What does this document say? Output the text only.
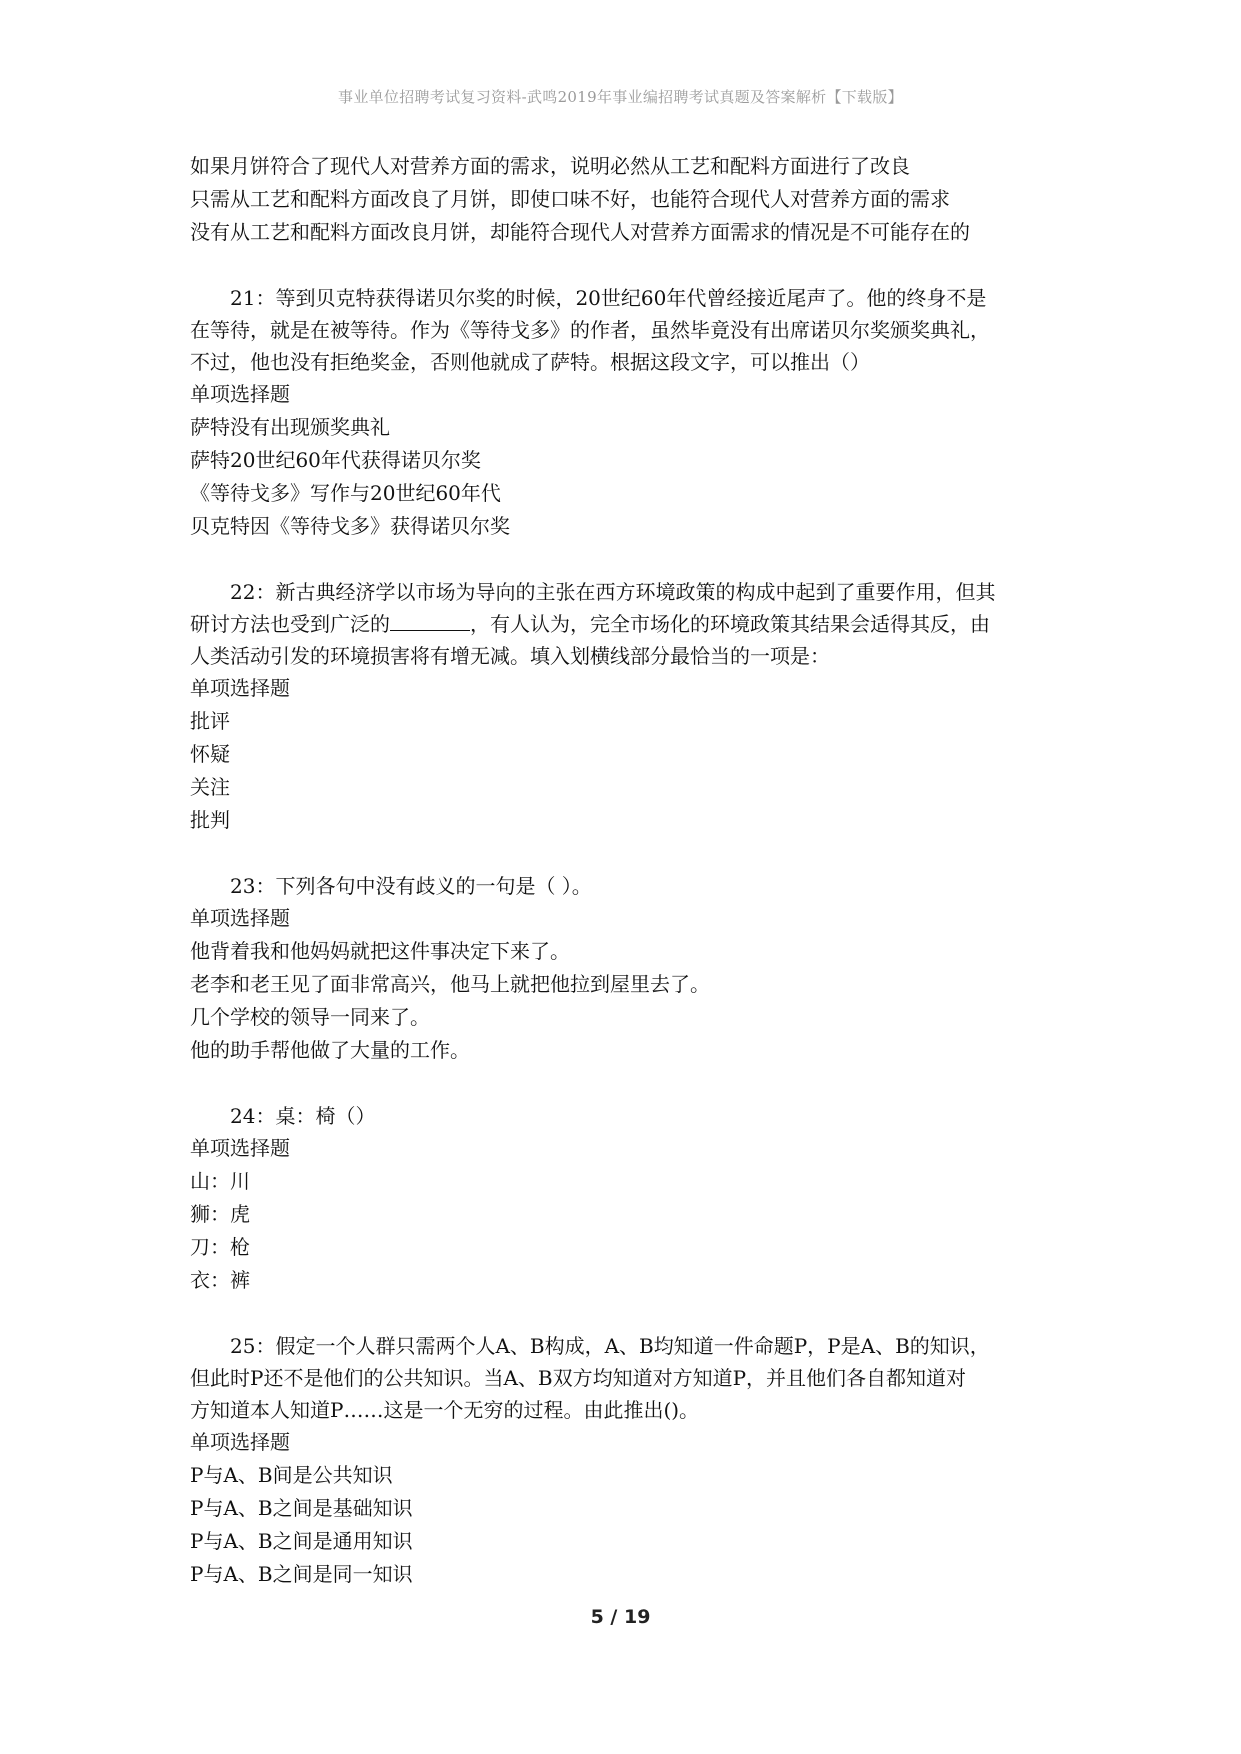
事业单位招聘考试复习资料-武鸣2019年事业编招聘考试真题及答案解析【下载版】
如果月饼符合了现代人对营养方面的需求，说明必然从工艺和配料方面进行了改良
只需从工艺和配料方面改良了月饼，即使口味不好，也能符合现代人对营养方面的需求
没有从工艺和配料方面改良月饼，却能符合现代人对营养方面需求的情况是不可能存在的
21：等到贝克特获得诺贝尔奖的时候，20世纪60年代曾经接近尾声了。他的终身不是
在等待，就是在被等待。作为《等待戈多》的作者，虽然毕竟没有出席诺贝尔奖颁奖典礼，
不过，他也没有拒绝奖金，否则他就成了萨特。根据这段文字，可以推出（）
单项选择题
萨特没有出现颁奖典礼
萨特20世纪60年代获得诺贝尔奖
《等待戈多》写作与20世纪60年代
贝克特因《等待戈多》获得诺贝尔奖
22：新古典经济学以市场为导向的主张在西方环境政策的构成中起到了重要作用，但其
研讨方法也受到广泛的	，有人认为，完全市场化的环境政策其结果会适得其反，由
人类活动引发的环境损害将有增无减。填入划横线部分最恰当的一项是：
单项选择题
批评
怀疑
关注
批判
23：下列各句中没有歧义的一句是（ ）。
单项选择题
他背着我和他妈妈就把这件事决定下来了。
老李和老王见了面非常高兴，他马上就把他拉到屋里去了。
几个学校的领导一同来了。
他的助手帮他做了大量的工作。
24：桌：椅（）
单项选择题
山：川
狮：虎
刀：枪
衣：裤
25：假定一个人群只需两个人A、B构成，A、B均知道一件命题P，P是A、B的知识，
但此时P还不是他们的公共知识。当A、B双方均知道对方知道P，并且他们各自都知道对
方知道本人知道P……这是一个无穷的过程。由此推出()。
单项选择题
P与A、B间是公共知识
P与A、B之间是基础知识
P与A、B之间是通用知识
P与A、B之间是同一知识
5 / 19
